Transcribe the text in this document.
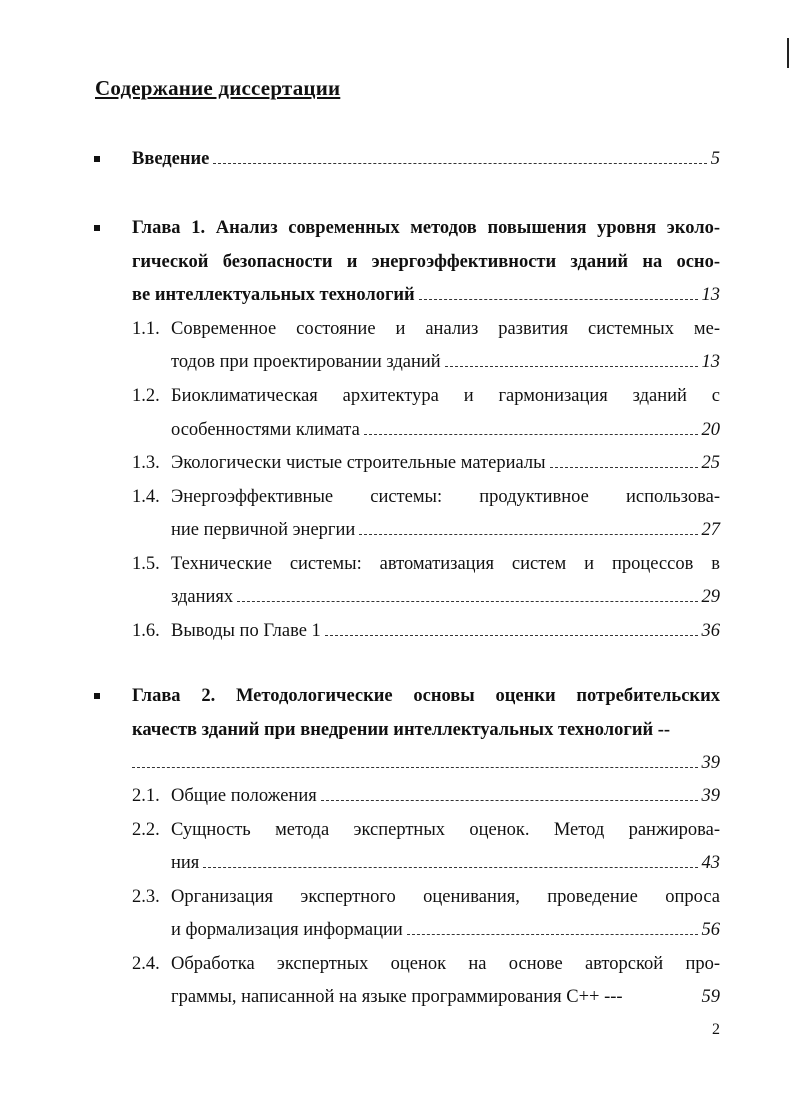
Содержание диссертации
Введение	5
Глава 1. Анализ современных методов повышения уровня эколо-
гической безопасности и энергоэффективности зданий на осно-
ве интеллектуальных технологий	13
1.1. Современное состояние и анализ развития системных ме-
тодов при проектировании зданий	13
1.2. Биоклиматическая архитектура и гармонизация зданий с
особенностями климата	20
1.3. Экологически чистые строительные материалы	25
1.4. Энергоэффективные системы: продуктивное использова-
ние первичной энергии	27
1.5. Технические системы: автоматизация систем и процессов в
зданиях	29
1.6. Выводы по Главе 1	36
Глава 2. Методологические основы оценки потребительских
качеств зданий при внедрении интеллектуальных технологий --
39
2.1. Общие положения	39
2.2. Сущность метода экспертных оценок. Метод ранжирова-
ния	43
2.3. Организация экспертного оценивания, проведение опроса
и формализация информации	56
2.4. Обработка экспертных оценок на основе авторской про-
граммы, написанной на языке программирования С++ ---	59
2
